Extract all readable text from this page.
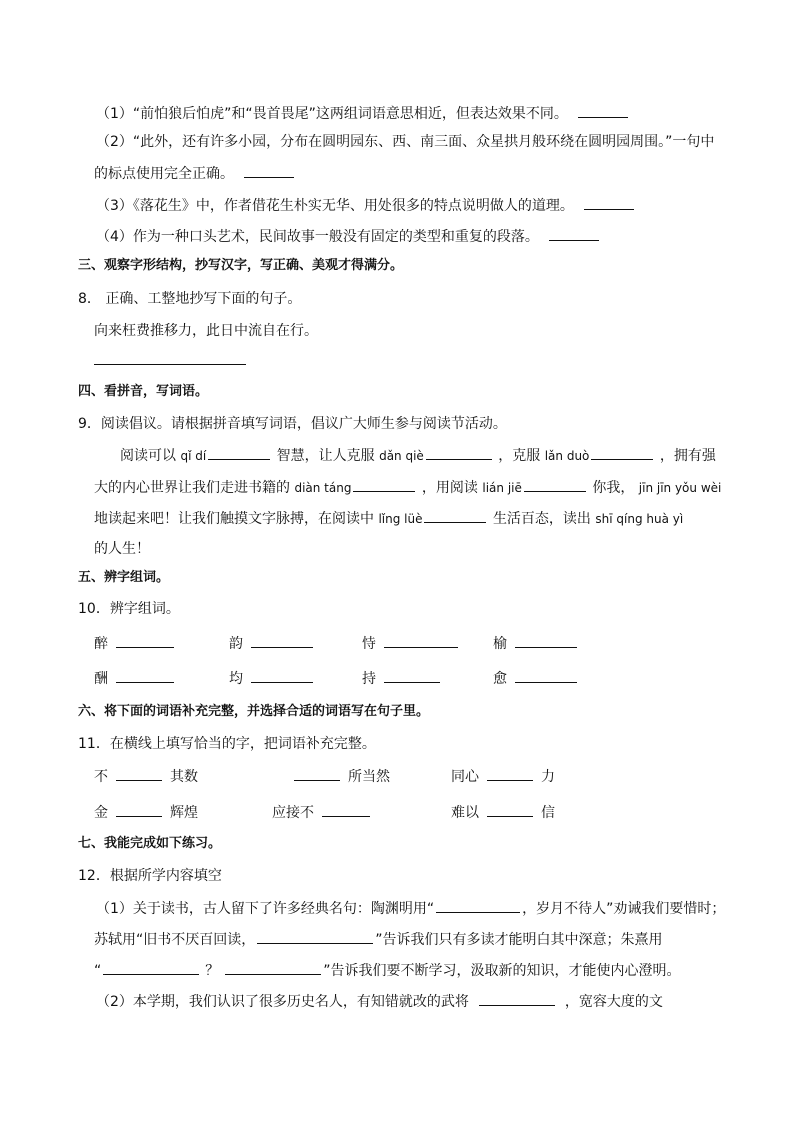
（1）“前怕狼后怕虎”和“畏首畏尾”这两组词语意思相近，但表达效果不同。
（2）“此外，还有许多小园，分布在圆明园东、西、南三面、众星拱月般环绕在圆明园周围。”一句中
的标点使用完全正确。
（3）《落花生》中，作者借花生朴实无华、用处很多的特点说明做人的道理。
（4）作为一种口头艺术，民间故事一般没有固定的类型和重复的段落。
三、观察字形结构，抄写汉字，写正确、美观才得满分。
8． 正确、工整地抄写下面的句子。
向来枉费推移力，此日中流自在行。
四、看拼音，写词语。
9．阅读倡议。请根据拼音填写词语，倡议广大师生参与阅读节活动。
阅读可以 qǐ dí	智慧，让人克服 dǎn qiè	，克服 lǎn duò	，拥有强
大的内心世界让我们走进书籍的 diàn táng	，用阅读 lián jiē	你我， jīn jīn yǒu wèi
地读起来吧！让我们触摸文字脉搏，在阅读中 lǐng lüè	生活百态，读出 shī qíng huà yì
的人生！
五、辨字组词。
10．辨字组词。
醉	韵	恃	榆
酬	均	持	愈
六、将下面的词语补充完整，并选择合适的词语写在句子里。
11．在横线上填写恰当的字，把词语补充完整。
不	其数	所当然	同心	力
金	辉煌	应接不	难以	信
七、我能完成如下练习。
12．根据所学内容填空
（1）关于读书，古人留下了许多经典名句：陶渊明用“	，岁月不待人”劝诫我们要惜时；
苏轼用“旧书不厌百回读，	”告诉我们只有多读才能明白其中深意；朱熹用
“	？	”告诉我们要不断学习，汲取新的知识，才能使内心澄明。
（2）本学期，我们认识了很多历史名人，有知错就改的武将	，宽容大度的文
